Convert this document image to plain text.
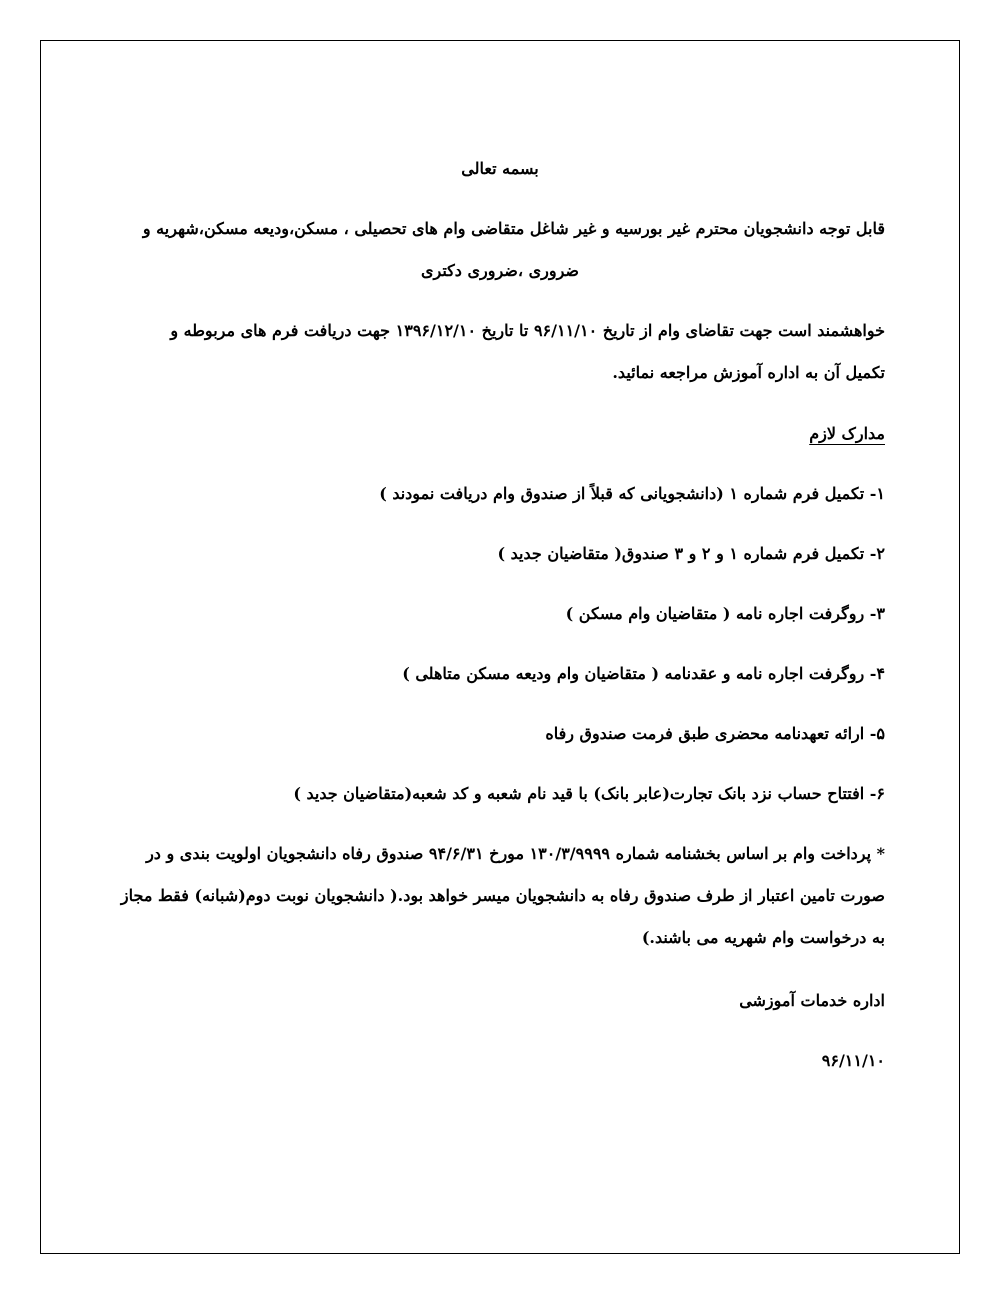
بسمه تعالی
قابل توجه دانشجویان محترم غیر بورسیه و غیر شاغل متقاضی وام های تحصیلی ، مسکن،ودیعه مسکن،شهریه و
ضروری ،ضروری دکتری
خواهشمند است جهت تقاضای وام از تاریخ ۹۶/۱۱/۱۰ تا تاریخ ۱۳۹۶/۱۲/۱۰ جهت دریافت فرم های مربوطه و
تکمیل آن به اداره آموزش مراجعه نمائید.
مدارک لازم
۱- تکمیل فرم شماره ۱ (دانشجویانی که قبلاً از صندوق وام دریافت نمودند )
۲- تکمیل فرم شماره ۱ و ۲ و ۳ صندوق( متقاضیان جدید )
۳- روگرفت اجاره نامه ( متقاضیان وام مسکن )
۴- روگرفت اجاره نامه و عقدنامه ( متقاضیان وام ودیعه مسکن متاهلی )
۵- ارائه تعهدنامه محضری طبق فرمت صندوق رفاه
۶- افتتاح حساب نزد بانک تجارت(عابر بانک) با قید نام شعبه و کد شعبه(متقاضیان جدید )
* پرداخت وام بر اساس بخشنامه شماره ۱۳۰/۳/۹۹۹۹ مورخ ۹۴/۶/۳۱ صندوق رفاه دانشجویان اولویت بندی و در
صورت تامین اعتبار از طرف صندوق رفاه به دانشجویان میسر خواهد بود.( دانشجویان نوبت دوم(شبانه) فقط مجاز
به درخواست وام شهریه می باشند.)
اداره خدمات آموزشی
۹۶/۱۱/۱۰
